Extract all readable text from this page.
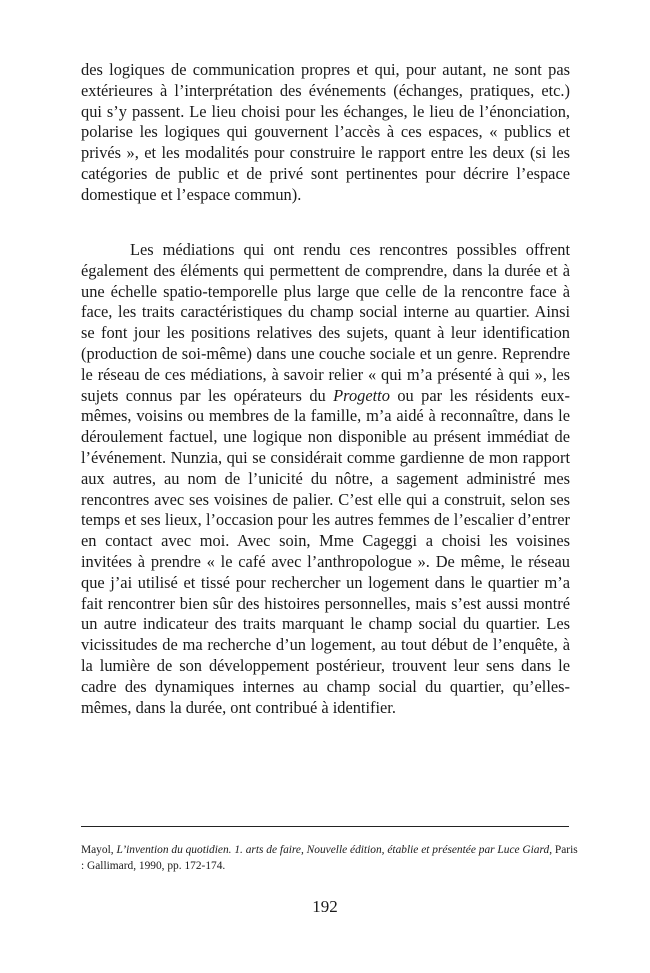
des logiques de communication propres et qui, pour autant, ne sont pas extérieures à l’interprétation des événements (échanges, pratiques, etc.) qui s’y passent. Le lieu choisi pour les échanges, le lieu de l’énonciation, polarise les logiques qui gouvernent l’accès à ces espaces, « publics et privés », et les modalités pour construire le rapport entre les deux (si les catégories de public et de privé sont pertinentes pour décrire l’espace domestique et l’espace commun).

Les médiations qui ont rendu ces rencontres possibles offrent également des éléments qui permettent de comprendre, dans la durée et à une échelle spatio-temporelle plus large que celle de la rencontre face à face, les traits caractéristiques du champ social interne au quartier. Ainsi se font jour les positions relatives des sujets, quant à leur identification (production de soi-même) dans une couche sociale et un genre. Reprendre le réseau de ces médiations, à savoir relier « qui m’a présenté à qui », les sujets connus par les opérateurs du Progetto ou par les résidents eux-mêmes, voisins ou membres de la famille, m’a aidé à reconnaître, dans le déroulement factuel, une logique non disponible au présent immédiat de l’événement. Nunzia, qui se considérait comme gardienne de mon rapport aux autres, au nom de l’unicité du nôtre, a sagement administré mes rencontres avec ses voisines de palier. C’est elle qui a construit, selon ses temps et ses lieux, l’occasion pour les autres femmes de l’escalier d’entrer en contact avec moi. Avec soin, Mme Cageggi a choisi les voisines invitées à prendre « le café avec l’anthropologue ». De même, le réseau que j’ai utilisé et tissé pour rechercher un logement dans le quartier m’a fait rencontrer bien sûr des histoires personnelles, mais s’est aussi montré un autre indicateur des traits marquant le champ social du quartier. Les vicissitudes de ma recherche d’un logement, au tout début de l’enquête, à la lumière de son développement postérieur, trouvent leur sens dans le cadre des dynamiques internes au champ social du quartier, qu’elles-mêmes, dans la durée, ont contribué à identifier.

Mayol, L’invention du quotidien. 1. arts de faire, Nouvelle édition, établie et présentée par Luce Giard, Paris : Gallimard, 1990, pp. 172-174.

192
